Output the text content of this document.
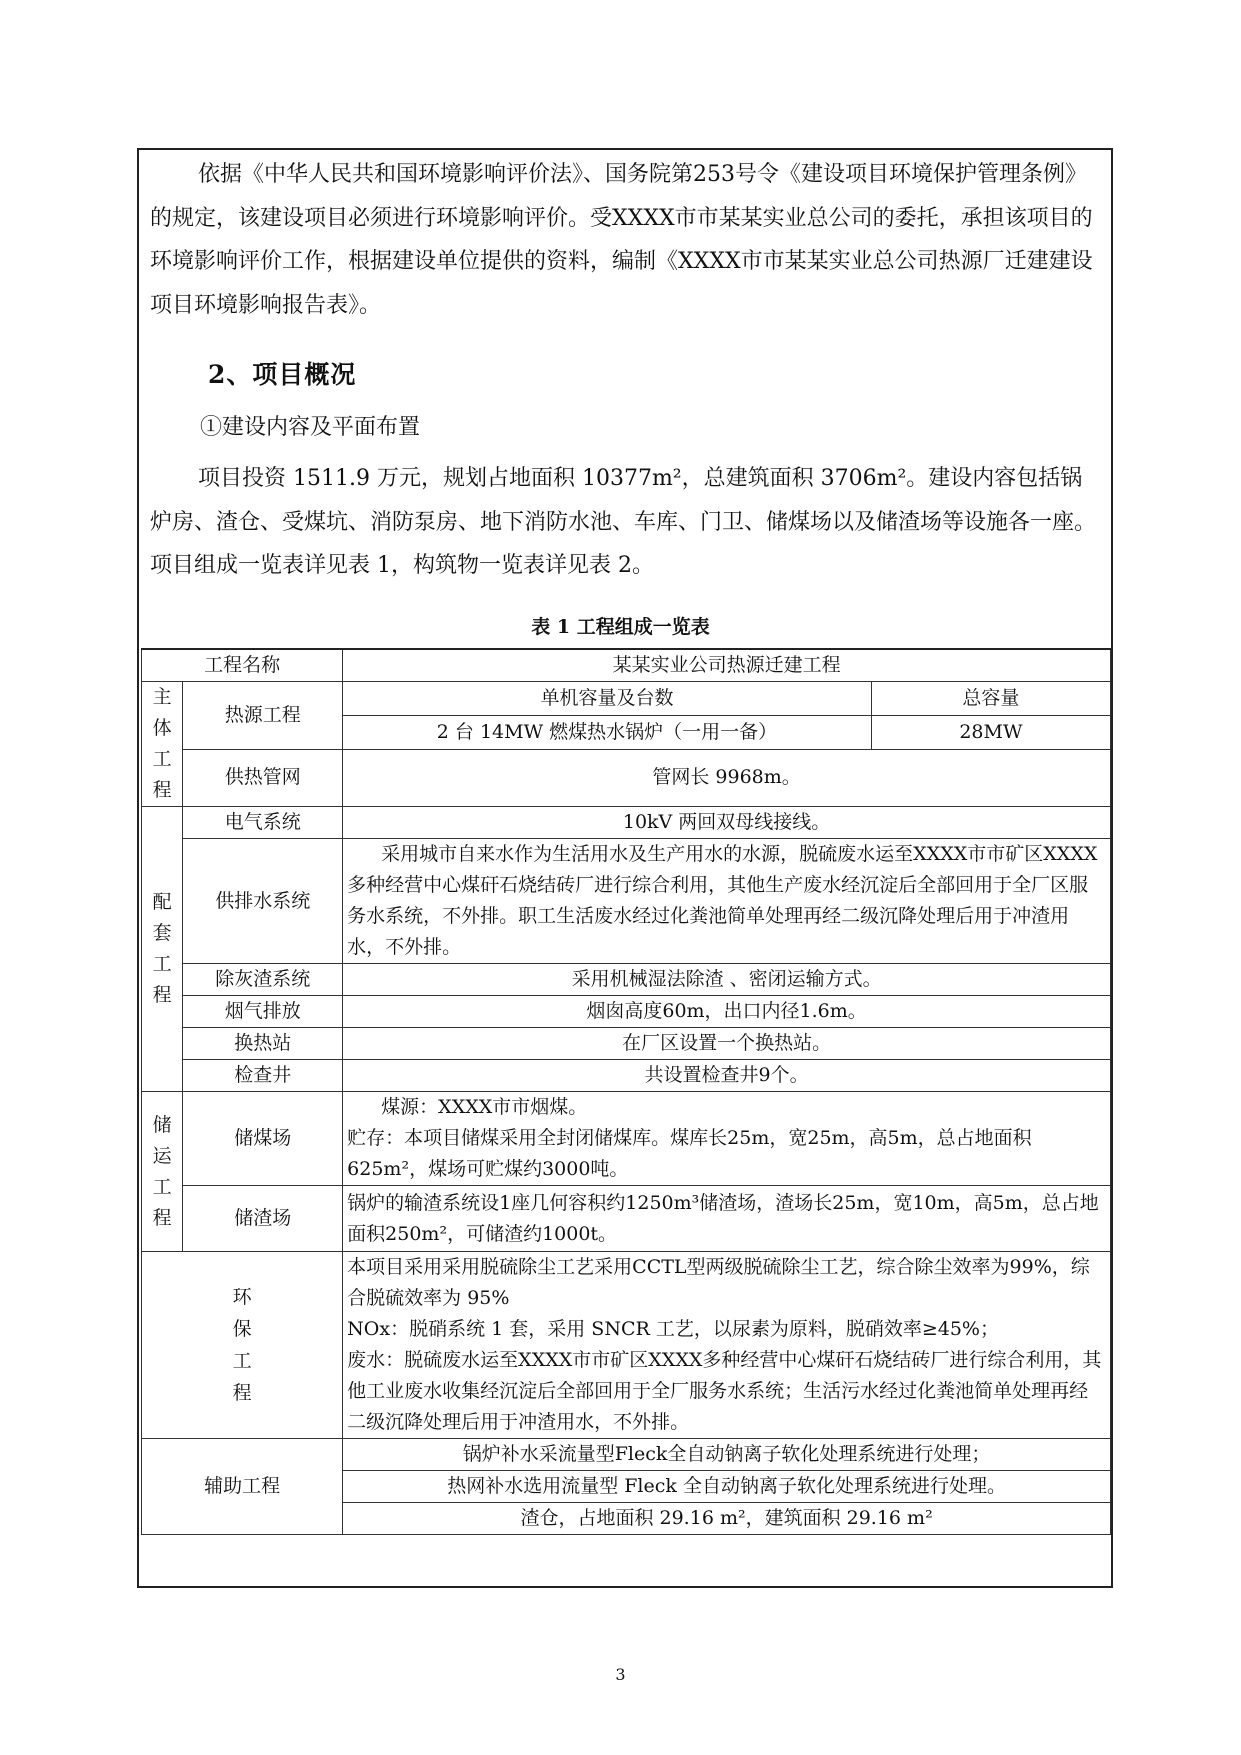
依据《中华人民共和国环境影响评价法》、国务院第253号令《建设项目环境保护管理条例》的规定，该建设项目必须进行环境影响评价。受XXXX市市某某实业总公司的委托，承担该项目的环境影响评价工作，根据建设单位提供的资料，编制《XXXX市市某某实业总公司热源厂迁建建设项目环境影响报告表》。
2、项目概况
①建设内容及平面布置
项目投资 1511.9 万元，规划占地面积 10377m²，总建筑面积 3706m²。建设内容包括锅炉房、渣仓、受煤坑、消防泵房、地下消防水池、车库、门卫、储煤场以及储渣场等设施各一座。项目组成一览表详见表 1，构筑物一览表详见表 2。
表 1 工程组成一览表
工程名称		某某实业公司热源迁建工程	
主体工程	热源工程	单机容量及台数	总容量
		2 台 14MW 燃煤热水锅炉（一用一备）	28MW
	供热管网	管网长 9968m。	
配套工程	电气系统	10kV 两回双母线接线。	
	供排水系统	采用城市自来水作为生活用水及生产用水的水源，脱硫废水运至XXXX市市矿区XXXX多种经营中心煤矸石烧结砖厂进行综合利用，其他生产废水经沉淀后全部回用于全厂区服务水系统，不外排。职工生活废水经过化粪池简单处理再经二级沉降处理后用于冲渣用水，不外排。	
	除灰渣系统	采用机械湿法除渣 、密闭运输方式。	
	烟气排放	烟囱高度60m，出口内径1.6m。	
	换热站	在厂区设置一个换热站。	
	检查井	共设置检查井9个。	
储运工程	储煤场	煤源：XXXX市市烟煤。
贮存：本项目储煤采用全封闭储煤库。煤库长25m，宽25m，高5m，总占地面积625m²，煤场可贮煤约3000吨。	

	储渣场	锅炉的输渣系统设1座几何容积约1250m³储渣场，渣场长25m，宽10m，高5m，总占地面积250m²，可储渣约1000t。	

环保工程		本项目采用采用脱硫除尘工艺采用CCTL型两级脱硫除尘工艺，综合除尘效率为99%，综合脱硫效率为 95%
NOx：脱硝系统 1 套，采用 SNCR 工艺，以尿素为原料，脱硝效率≥45%；
废水：脱硫废水运至XXXX市市矿区XXXX多种经营中心煤矸石烧结砖厂进行综合利用，其他工业废水收集经沉淀后全部回用于全厂服务水系统；生活污水经过化粪池简单处理再经二级沉降处理后用于冲渣用水，不外排。	

辅助工程		锅炉补水采流量型Fleck全自动钠离子软化处理系统进行处理；	
		热网补水选用流量型 Fleck 全自动钠离子软化处理系统进行处理。	
		渣仓，占地面积 29.16 m²，建筑面积 29.16 m²	
3
